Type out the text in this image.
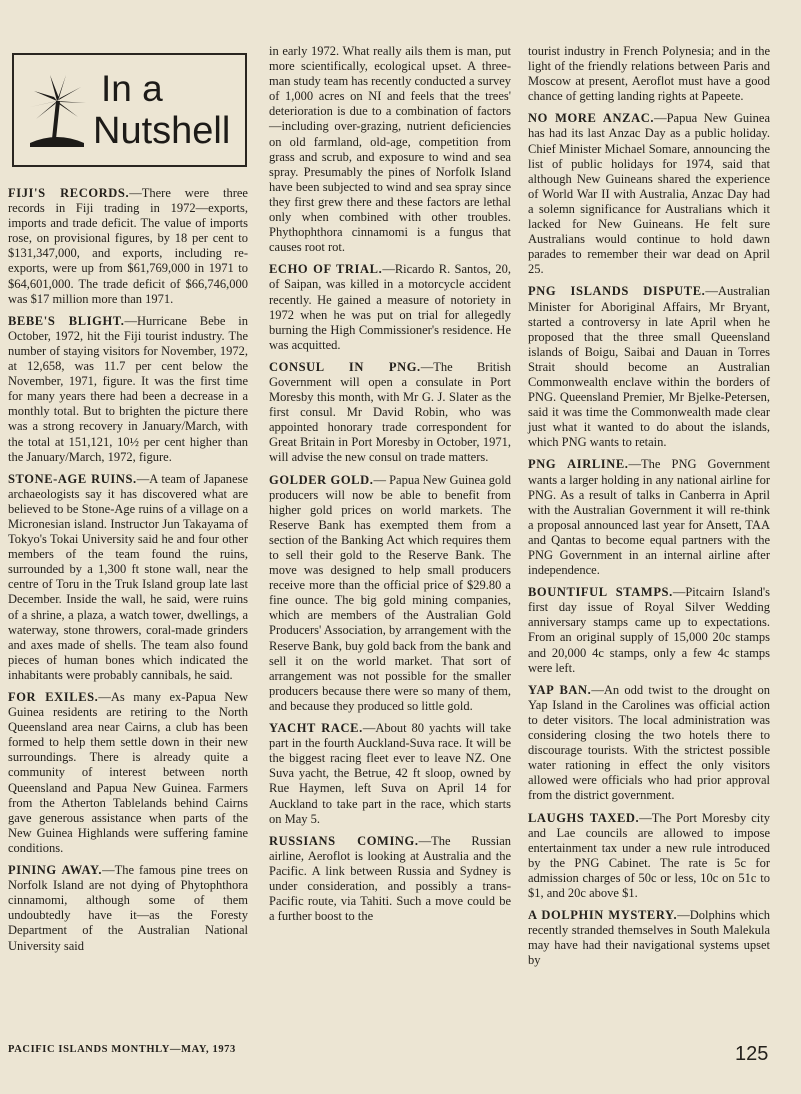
In a
Nutshell

FIJI'S RECORDS.—There were three records in Fiji trading in 1972—exports, imports and trade deficit. The value of imports rose, on provisional figures, by 18 per cent to $131,347,000, and exports, including re-exports, were up from $61,769,000 in 1971 to $64,601,000. The trade deficit of $66,746,000 was $17 million more than 1971.

BEBE'S BLIGHT.—Hurricane Bebe in October, 1972, hit the Fiji tourist industry. The number of staying visitors for November, 1972, at 12,658, was 11.7 per cent below the November, 1971, figure. It was the first time for many years there had been a decrease in a monthly total. But to brighten the picture there was a strong recovery in January/March, with the total at 151,121, 10½ per cent higher than the January/March, 1972, figure.

STONE-AGE RUINS.—A team of Japanese archaeologists say it has discovered what are believed to be Stone-Age ruins of a village on a Micronesian island. Instructor Jun Takayama of Tokyo's Tokai University said he and four other members of the team found the ruins, surrounded by a 1,300 ft stone wall, near the centre of Toru in the Truk Island group late last December. Inside the wall, he said, were ruins of a shrine, a plaza, a watch tower, dwellings, a waterway, stone throwers, coral-made grinders and axes made of shells. The team also found pieces of human bones which indicated the inhabitants were probably cannibals, he said.

FOR EXILES.—As many ex-Papua New Guinea residents are retiring to the North Queensland area near Cairns, a club has been formed to help them settle down in their new surroundings. There is already quite a community of interest between north Queensland and Papua New Guinea. Farmers from the Atherton Tablelands behind Cairns gave generous assistance when parts of the New Guinea Highlands were suffering famine conditions.

PINING AWAY.—The famous pine trees on Norfolk Island are not dying of Phytophthora cinnamomi, although some of them undoubtedly have it—as the Foresty Department of the Australian National University said

in early 1972. What really ails them is man, put more scientifically, ecological upset. A three-man study team has recently conducted a survey of 1,000 acres on NI and feels that the trees' deterioration is due to a combination of factors—including over-grazing, nutrient deficiencies on old farmland, old-age, competition from grass and scrub, and exposure to wind and sea spray. Presumably the pines of Norfolk Island have been subjected to wind and sea spray since they first grew there and these factors are lethal only when combined with other troubles. Phythophthora cinnamomi is a fungus that causes root rot.

ECHO OF TRIAL.—Ricardo R. Santos, 20, of Saipan, was killed in a motorcycle accident recently. He gained a measure of notoriety in 1972 when he was put on trial for allegedly burning the High Commissioner's residence. He was acquitted.

CONSUL IN PNG.—The British Government will open a consulate in Port Moresby this month, with Mr G. J. Slater as the first consul. Mr David Robin, who was appointed honorary trade correspondent for Great Britain in Port Moresby in October, 1971, will advise the new consul on trade matters.

GOLDER GOLD.— Papua New Guinea gold producers will now be able to benefit from higher gold prices on world markets. The Reserve Bank has exempted them from a section of the Banking Act which requires them to sell their gold to the Reserve Bank. The move was designed to help small producers receive more than the official price of $29.80 a fine ounce. The big gold mining companies, which are members of the Australian Gold Producers' Association, by arrangement with the Reserve Bank, buy gold back from the bank and sell it on the world market. That sort of arrangement was not possible for the smaller producers because there were so many of them, and because they produced so little gold.

YACHT RACE.—About 80 yachts will take part in the fourth Auckland-Suva race. It will be the biggest racing fleet ever to leave NZ. One Suva yacht, the Betrue, 42 ft sloop, owned by Rue Haymen, left Suva on April 14 for Auckland to take part in the race, which starts on May 5.

RUSSIANS COMING.—The Russian airline, Aeroflot is looking at Australia and the Pacific. A link between Russia and Sydney is under consideration, and possibly a trans-Pacific route, via Tahiti. Such a move could be a further boost to the

tourist industry in French Polynesia; and in the light of the friendly relations between Paris and Moscow at present, Aeroflot must have a good chance of getting landing rights at Papeete.

NO MORE ANZAC.—Papua New Guinea has had its last Anzac Day as a public holiday. Chief Minister Michael Somare, announcing the list of public holidays for 1974, said that although New Guineans shared the experience of World War II with Australia, Anzac Day had a solemn significance for Australians which it lacked for New Guineans. He felt sure Australians would continue to hold dawn parades to remember their war dead on April 25.

PNG ISLANDS DISPUTE.—Australian Minister for Aboriginal Affairs, Mr Bryant, started a controversy in late April when he proposed that the three small Queensland islands of Boigu, Saibai and Dauan in Torres Strait should become an Australian Commonwealth enclave within the borders of PNG. Queensland Premier, Mr Bjelke-Petersen, said it was time the Commonwealth made clear just what it wanted to do about the islands, which PNG wants to retain.

PNG AIRLINE.—The PNG Government wants a larger holding in any national airline for PNG. As a result of talks in Canberra in April with the Australian Government it will re-think a proposal announced last year for Ansett, TAA and Qantas to become equal partners with the PNG Government in an internal airline after independence.

BOUNTIFUL STAMPS.—Pitcairn Island's first day issue of Royal Silver Wedding anniversary stamps came up to expectations. From an original supply of 15,000 20c stamps and 20,000 4c stamps, only a few 4c stamps were left.

YAP BAN.—An odd twist to the drought on Yap Island in the Carolines was official action to deter visitors. The local administration was considering closing the two hotels there to discourage tourists. With the strictest possible water rationing in effect the only visitors allowed were officials who had prior approval from the district government.

LAUGHS TAXED.—The Port Moresby city and Lae councils are allowed to impose entertainment tax under a new rule introduced by the PNG Cabinet. The rate is 5c for admission charges of 50c or less, 10c on 51c to $1, and 20c above $1.

A DOLPHIN MYSTERY.—Dolphins which recently stranded themselves in South Malekula may have had their navigational systems upset by

PACIFIC ISLANDS MONTHLY—MAY, 1973	125
